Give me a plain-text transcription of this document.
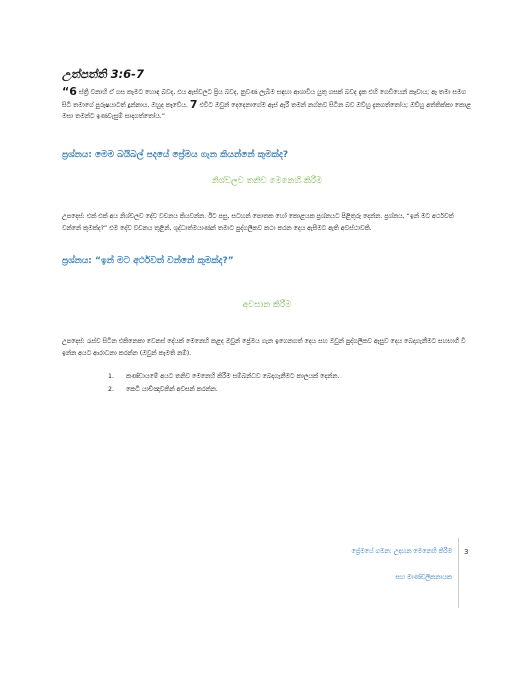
උත්පත්ති 3:6-7
“6 ස්ත්‍රී වනාහි ඒ ගස කෑමට හොඳ බවද, එය ඇස්වලට ප්‍රිය බවද, නුවණ ලැබීම සඳහා ආශාවිය යුතු ගසක් බවද දැක එහි ගෙඩියෙන් කෑවාය; ඈ තමා සමග සිටි තම‍ාගේ පුරුෂයාටත් දුන්නාය, ඔහුද කෑවේය. 7 එවිට ඔවුන් දෙදෙනාගේම ඇස් ඇරී තමන් නග්නව සිටින බව ඔව්හු දැනගත්තෝය; ඔව්හු අත්තික්කා කොළ මසා තමන්ට ඉණවැසුම් සාදාගත්තෝය.”
ප්‍රශ්නය: මෙම බයිබල් පදයේ ප්‍රේමය ගැන කියන්නේ කුමක්ද?
නිශ්චලව තනිව මෙනෙහි කිරීම
උපදෙස්: එක් එක් අය නිශ්චලව දේව වචනය කියවන්න. ඊට පසු, සටහන් පොතක හෝ කොළයක ප්‍රශ්නයට පිළිතුරු දෙන්න. ප්‍රශ්නය, “ඉන් මට අර්ථවත් වන්නේ කුමක්ද?” එම දේව වචනය තුළින්, ශුද්ධාත්මයාණන් තමාට පුද්ගලිකව කථා කරන දෙය ඇසීමට ඇති අවස්ථාවකි.
ප්‍රශ්නය: “ඉන් මට අර්ථවත් වන්නේ කුමක්ද?”
අවසාන කිරීම
උපදෙස්: රැස්ව සිටින එකිනෙකා වෙනස් දේයක් මෙනෙහි කළද ඔවුන් ප්‍රේමය ගැන ඉගෙනගත් දෙය සහ ඔවුන් පුද්ගලිකව ඇසුව දෙය බෙදාගැනීමට සහභාගී වී ඉන්න අයට ආරාධනා කරන්න (ඔවුන් කැමති නම්).
1.	කණ්ඩායමේ අයට තනිව මෙනෙහි කිරීම සම්බන්ධව බෙදාගැනීමට කාලයක් දෙන්න.
2.	කෙටි යාච්ඤාවකින් අවසන් කරන්න.
ප්‍රේමයේ ගමන: උදාහන මෙනෙහි කිරීම
සහ මාණ්ඩලිකනායක
3
